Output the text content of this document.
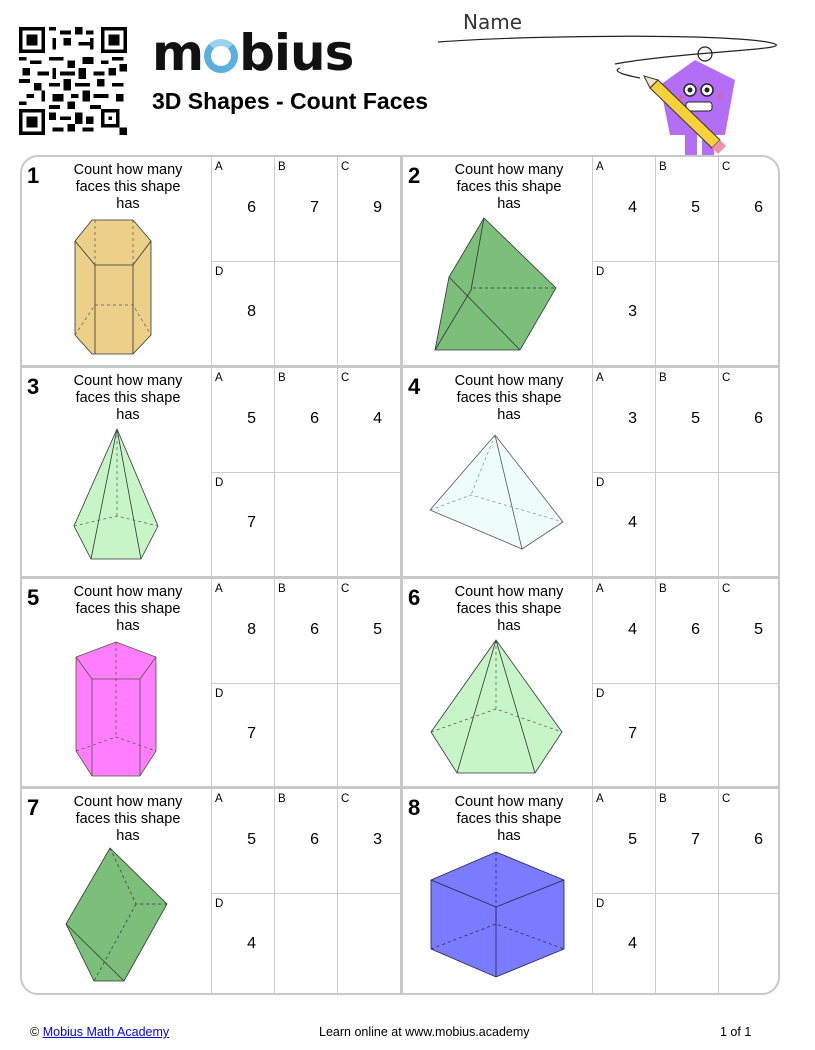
m bius
3D Shapes - Count Faces
Name
1	Count how many faces this shape has
A
6
B
7
C
9
D
8
2	Count how many faces this shape has
A
4
B
5
C
6
D
3
3	Count how many faces this shape has
A
5
B
6
C
4
D
7
4	Count how many faces this shape has
A
3
B
5
C
6
D
4
5	Count how many faces this shape has
A
8
B
6
C
5
D
7
6	Count how many faces this shape has
A
4
B
6
C
5
D
7
7	Count how many faces this shape has
A
5
B
6
C
3
D
4
8	Count how many faces this shape has
A
5
B
7
C
6
D
4
© Mobius Math Academy	Learn online at www.mobius.academy	1 of 1
